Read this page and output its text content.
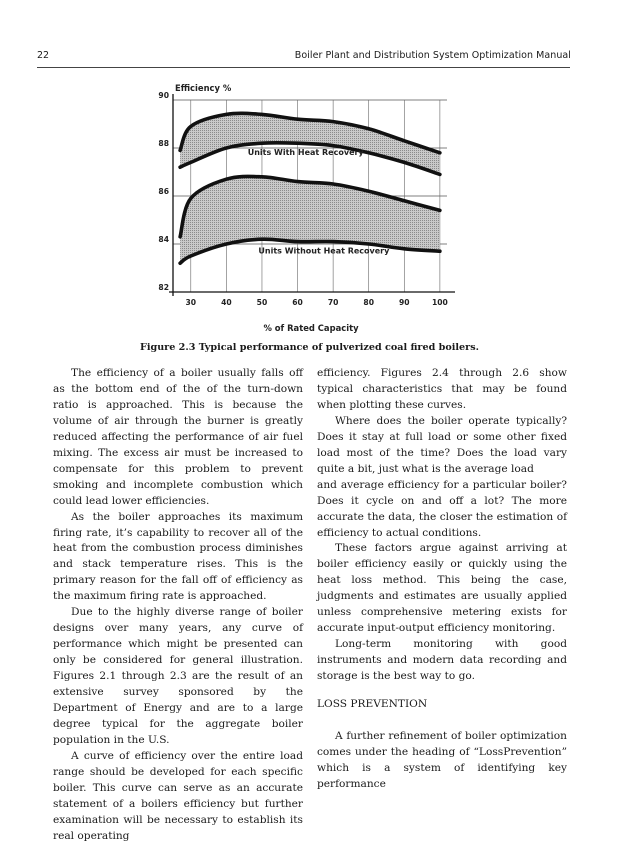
22	Boiler Plant and Distribution System Optimization Manual
Units With Heat Recovery
Units Without Heat Recovery
30	40	50	60	70	80	90	100
90
88
86
84
82
Efficiency %
% of Rated Capacity
Figure 2.3 Typical performance of pulverized coal fired boilers.

The efficiency of a boiler usually falls off as the bottom end of the of the turn-down ratio is approached. This is because the volume of air through the burner is greatly reduced affecting the performance of air fuel mixing. The excess air must be increased to compensate for this problem to prevent smoking and incomplete combustion which could lead lower efficiencies.

As the boiler approaches its maximum firing rate, it’s capability to recover all of the heat from the combustion process diminishes and stack temperature rises. This is the primary reason for the fall off of efficiency as the maximum firing rate is approached.

Due to the highly diverse range of boiler designs over many years, any curve of performance which might be presented can only be considered for general illustration. Figures 2.1 through 2.3 are the result of an extensive survey sponsored by the Department of Energy and are to a large degree typical for the aggregate boiler population in the U.S.

A curve of efficiency over the entire load range should be developed for each specific boiler. This curve can serve as an accurate statement of a boilers efficiency but further examination will be necessary to establish its real operating

efficiency. Figures 2.4 through 2.6 show typical characteristics that may be found when plotting these curves.

Where does the boiler operate typically? Does it stay at full load or some other fixed load most of the time? Does the load vary quite a bit, just what is the average load

and average efficiency for a particular boiler? Does it cycle on and off a lot? The more accurate the data, the closer the estimation of efficiency to actual conditions.

These factors argue against arriving at boiler efficiency easily or quickly using the heat loss method. This being the case, judgments and estimates are usually applied unless comprehensive metering exists for accurate input-output efficiency monitoring.

Long-term monitoring with good instruments and modern data recording and storage is the best way to go.

LOSS PREVENTION

A further refinement of boiler optimization comes under the heading of “LossPrevention” which is a system of identifying key performance
